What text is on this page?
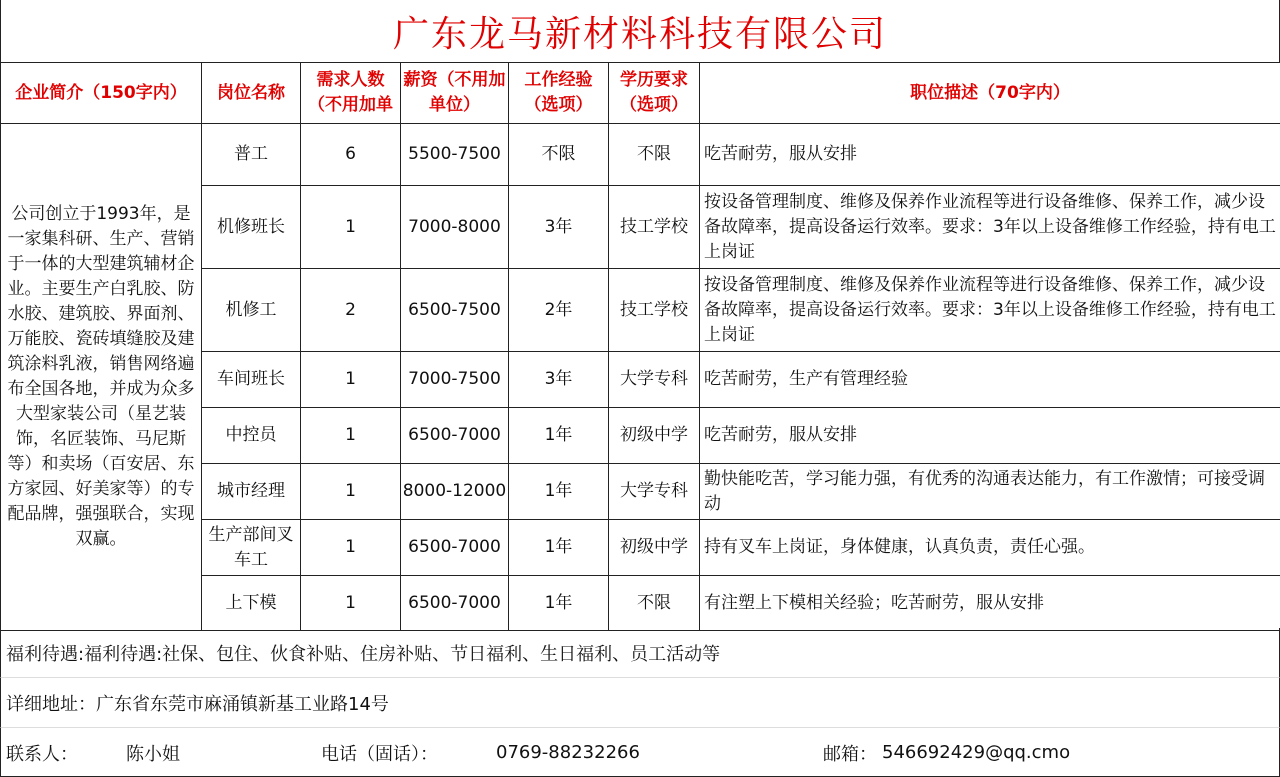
广东龙马新材料科技有限公司
企业简介（150字内）	岗位名称	需求人数（不用加单	薪资（不用加单位）	工作经验（选项）	学历要求（选项）	职位描述（70字内）

公司创立于1993年，是一家集科研、生产、营销于一体的大型建筑辅材企业。主要生产白乳胶、防水胶、建筑胶、界面剂、万能胶、瓷砖填缝胶及建筑涂料乳液，销售网络遍布全国各地，并成为众多大型家装公司（星艺装饰，名匠装饰、马尼斯等）和卖场（百安居、东方家园、好美家等）的专配品牌，强强联合，实现双赢。	普工	6	5500-7500	不限	不限	吃苦耐劳，服从安排
	机修班长	1	7000-8000	3年	技工学校	按设备管理制度、维修及保养作业流程等进行设备维修、保养工作，减少设备故障率，提高设备运行效率。要求：3年以上设备维修工作经验，持有电工上岗证
	机修工	2	6500-7500	2年	技工学校	按设备管理制度、维修及保养作业流程等进行设备维修、保养工作，减少设备故障率，提高设备运行效率。要求：3年以上设备维修工作经验，持有电工上岗证
	车间班长	1	7000-7500	3年	大学专科	吃苦耐劳，生产有管理经验
	中控员	1	6500-7000	1年	初级中学	吃苦耐劳，服从安排
	城市经理	1	8000-12000	1年	大学专科	勤快能吃苦，学习能力强，有优秀的沟通表达能力，有工作激情；可接受调动
	生产部间叉车工	1	6500-7000	1年	初级中学	持有叉车上岗证，身体健康，认真负责，责任心强。
	上下模	1	6500-7000	1年	不限	有注塑上下模相关经验；吃苦耐劳，服从安排
福利待遇:福利待遇:社保、包住、伙食补贴、住房补贴、节日福利、生日福利、员工活动等
详细地址：广东省东莞市麻涌镇新基工业路14号
联系人：	陈小姐	电话（固话）：	0769-88232266	邮箱： 546692429@qq.cmo
